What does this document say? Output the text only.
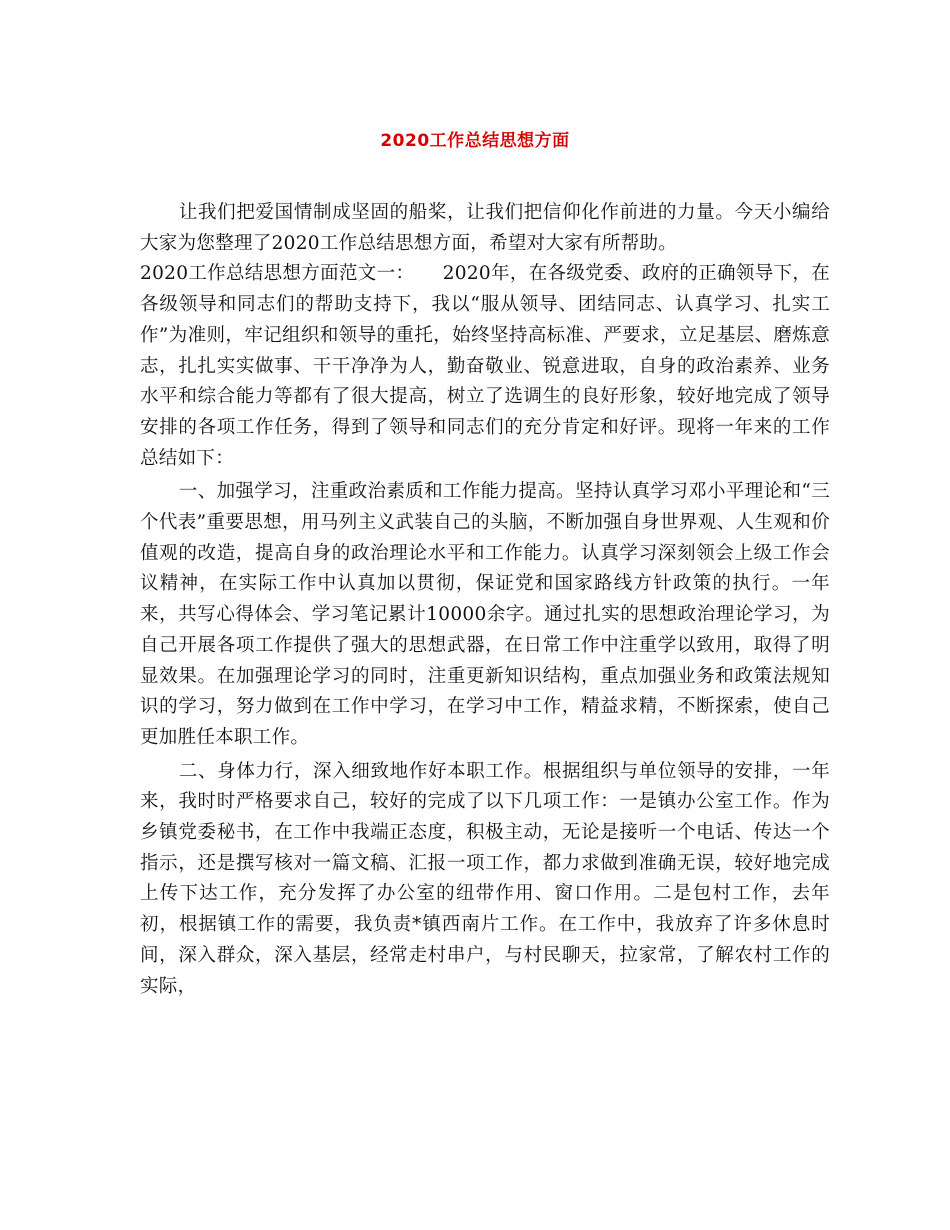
2020工作总结思想方面

让我们把爱国情制成坚固的船桨，让我们把信仰化作前进的力量。今天小编给大家为您整理了2020工作总结思想方面，希望对大家有所帮助。

2020工作总结思想方面范文一：　　2020年，在各级党委、政府的正确领导下，在各级领导和同志们的帮助支持下，我以“服从领导、团结同志、认真学习、扎实工作”为准则，牢记组织和领导的重托，始终坚持高标准、严要求，立足基层、磨炼意志，扎扎实实做事、干干净净为人，勤奋敬业、锐意进取，自身的政治素养、业务水平和综合能力等都有了很大提高，树立了选调生的良好形象，较好地完成了领导安排的各项工作任务，得到了领导和同志们的充分肯定和好评。现将一年来的工作总结如下：

一、加强学习，注重政治素质和工作能力提高。坚持认真学习邓小平理论和“三个代表”重要思想，用马列主义武装自己的头脑，不断加强自身世界观、人生观和价值观的改造，提高自身的政治理论水平和工作能力。认真学习深刻领会上级工作会议精神，在实际工作中认真加以贯彻，保证党和国家路线方针政策的执行。一年来，共写心得体会、学习笔记累计10000余字。通过扎实的思想政治理论学习，为自己开展各项工作提供了强大的思想武器，在日常工作中注重学以致用，取得了明显效果。在加强理论学习的同时，注重更新知识结构，重点加强业务和政策法规知识的学习，努力做到在工作中学习，在学习中工作，精益求精，不断探索，使自己更加胜任本职工作。

二、身体力行，深入细致地作好本职工作。根据组织与单位领导的安排，一年来，我时时严格要求自己，较好的完成了以下几项工作：一是镇办公室工作。作为乡镇党委秘书，在工作中我端正态度，积极主动，无论是接听一个电话、传达一个指示，还是撰写核对一篇文稿、汇报一项工作，都力求做到准确无误，较好地完成上传下达工作，充分发挥了办公室的纽带作用、窗口作用。二是包村工作，去年初，根据镇工作的需要，我负责*镇西南片工作。在工作中，我放弃了许多休息时间，深入群众，深入基层，经常走村串户，与村民聊天，拉家常，了解农村工作的实际，
